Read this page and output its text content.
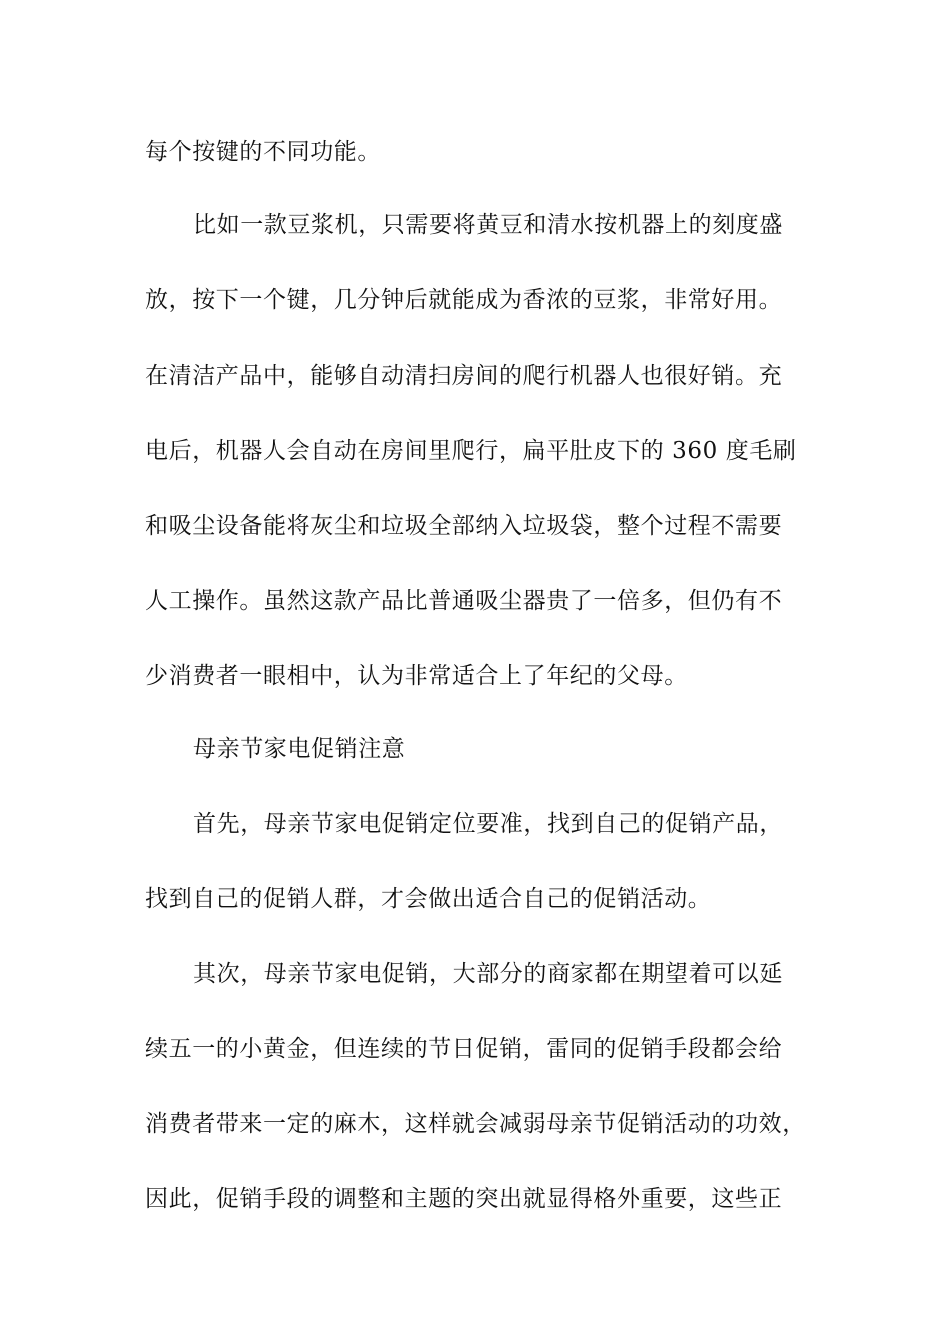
每个按键的不同功能。
比如一款豆浆机，只需要将黄豆和清水按机器上的刻度盛
放，按下一个键，几分钟后就能成为香浓的豆浆，非常好用。
在清洁产品中，能够自动清扫房间的爬行机器人也很好销。充
电后，机器人会自动在房间里爬行，扁平肚皮下的 360 度毛刷
和吸尘设备能将灰尘和垃圾全部纳入垃圾袋，整个过程不需要
人工操作。虽然这款产品比普通吸尘器贵了一倍多，但仍有不
少消费者一眼相中，认为非常适合上了年纪的父母。
母亲节家电促销注意
首先，母亲节家电促销定位要准，找到自己的促销产品，
找到自己的促销人群，才会做出适合自己的促销活动。
其次，母亲节家电促销，大部分的商家都在期望着可以延
续五一的小黄金，但连续的节日促销，雷同的促销手段都会给
消费者带来一定的麻木，这样就会减弱母亲节促销活动的功效，
因此，促销手段的调整和主题的突出就显得格外重要，这些正
